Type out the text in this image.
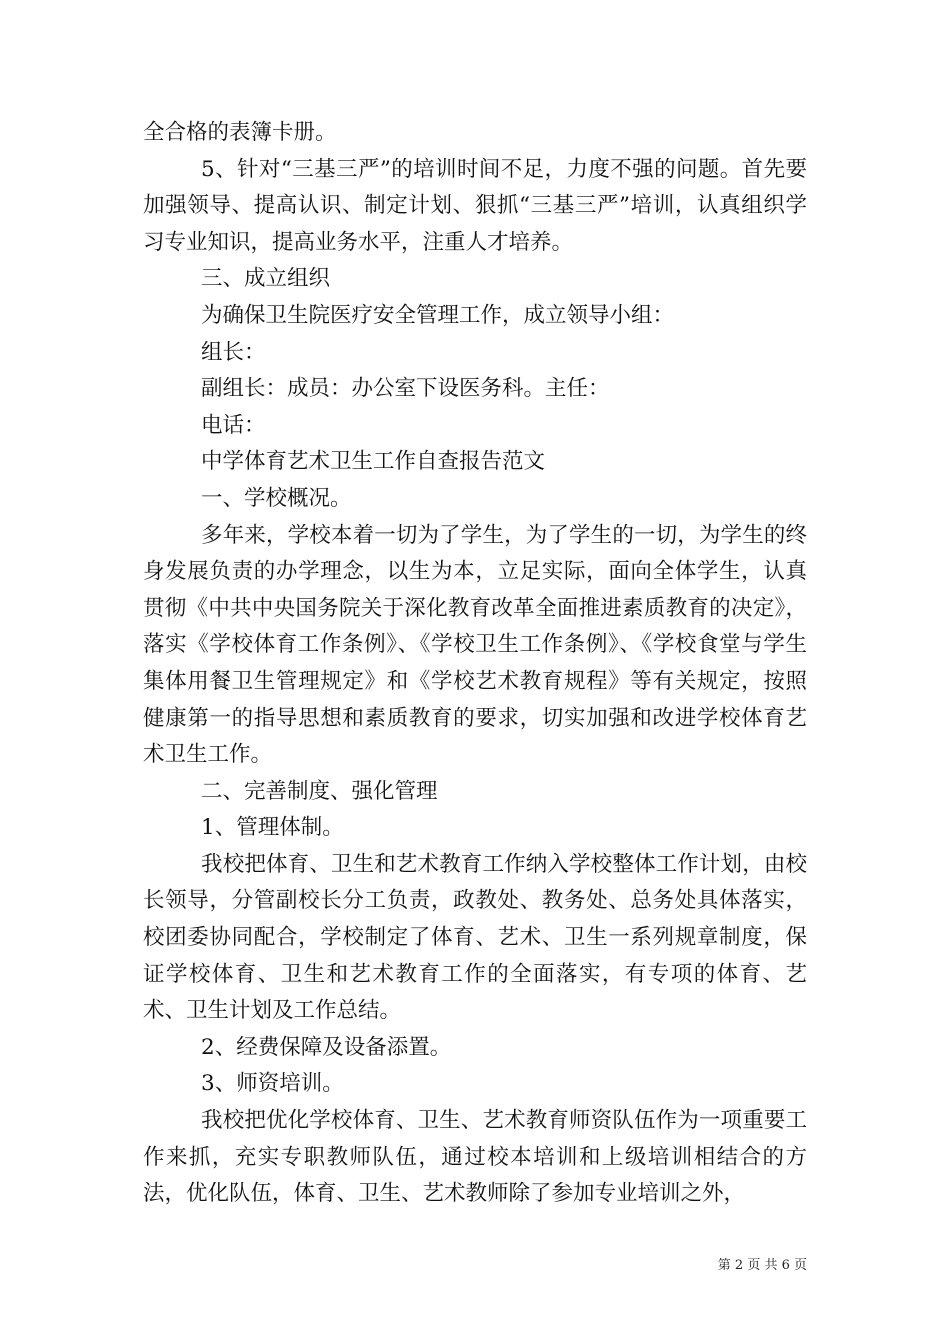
全合格的表簿卡册。

5、针对“三基三严”的培训时间不足，力度不强的问题。首先要加强领导、提高认识、制定计划、狠抓“三基三严”培训，认真组织学习专业知识，提高业务水平，注重人才培养。

三、成立组织

为确保卫生院医疗安全管理工作，成立领导小组：

组长：

副组长：成员：办公室下设医务科。主任：

电话：

中学体育艺术卫生工作自查报告范文

一、学校概况。

多年来，学校本着一切为了学生，为了学生的一切，为学生的终身发展负责的办学理念，以生为本，立足实际，面向全体学生，认真贯彻《中共中央国务院关于深化教育改革全面推进素质教育的决定》，落实《学校体育工作条例》、《学校卫生工作条例》、《学校食堂与学生集体用餐卫生管理规定》和《学校艺术教育规程》等有关规定，按照健康第一的指导思想和素质教育的要求，切实加强和改进学校体育艺术卫生工作。

二、完善制度、强化管理

1、管理体制。

我校把体育、卫生和艺术教育工作纳入学校整体工作计划，由校长领导，分管副校长分工负责，政教处、教务处、总务处具体落实，校团委协同配合，学校制定了体育、艺术、卫生一系列规章制度，保证学校体育、卫生和艺术教育工作的全面落实，有专项的体育、艺术、卫生计划及工作总结。

2、经费保障及设备添置。

3、师资培训。

我校把优化学校体育、卫生、艺术教育师资队伍作为一项重要工作来抓，充实专职教师队伍，通过校本培训和上级培训相结合的方法，优化队伍，体育、卫生、艺术教师除了参加专业培训之外，

第 2 页 共 6 页
